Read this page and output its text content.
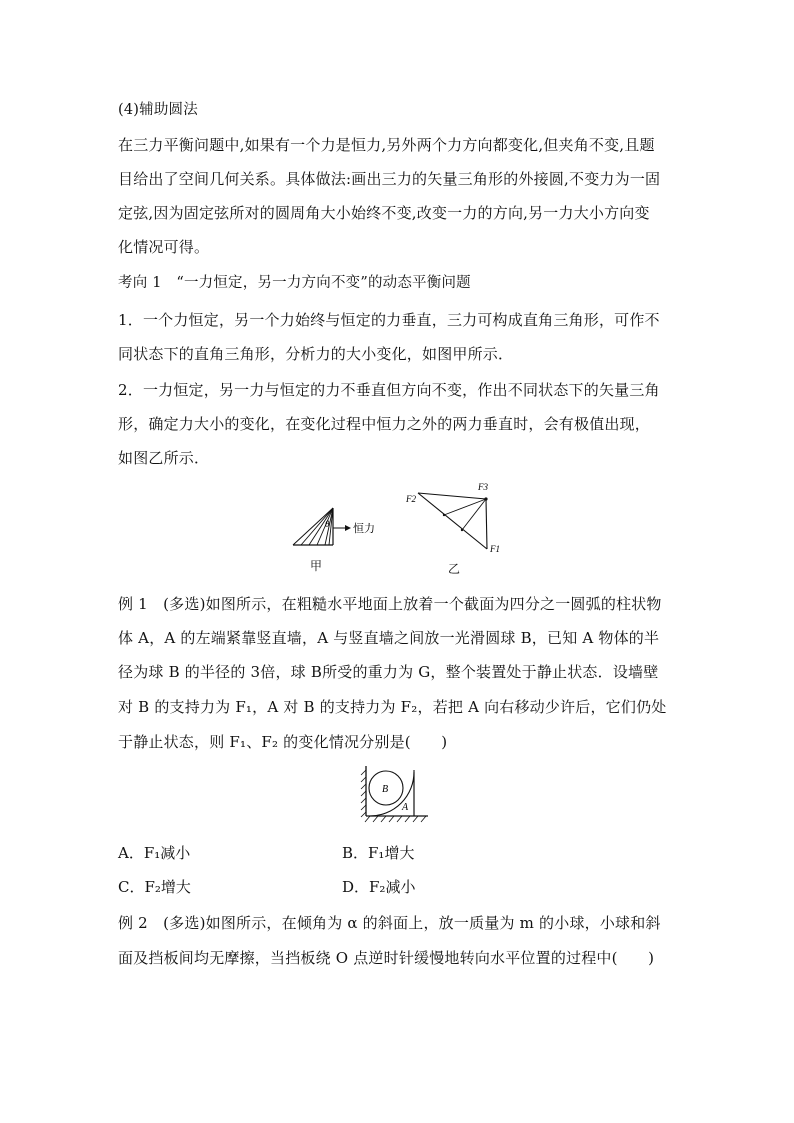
(4)辅助圆法
在三力平衡问题中,如果有一个力是恒力,另外两个力方向都变化,但夹角不变,且题
目给出了空间几何关系。具体做法:画出三力的矢量三角形的外接圆,不变力为一固
定弦,因为固定弦所对的圆周角大小始终不变,改变一力的方向,另一力大小方向变
化情况可得。
考向 1　“一力恒定，另一力方向不变”的动态平衡问题
1．一个力恒定，另一个力始终与恒定的力垂直，三力可构成直角三角形，可作不
同状态下的直角三角形，分析力的大小变化，如图甲所示．
2．一力恒定，另一力与恒定的力不垂直但方向不变，作出不同状态下的矢量三角
形，确定力大小的变化，在变化过程中恒力之外的两力垂直时，会有极值出现，
如图乙所示．
θ 恒力
甲
F3
F2
F1
乙
例 1　(多选)如图所示，在粗糙水平地面上放着一个截面为四分之一圆弧的柱状物
体 A，A 的左端紧靠竖直墙，A 与竖直墙之间放一光滑圆球 B，已知 A 物体的半
径为球 B 的半径的 3倍，球 B所受的重力为 G，整个装置处于静止状态．设墙壁
对 B 的支持力为 F₁，A 对 B 的支持力为 F₂，若把 A 向右移动少许后，它们仍处
于静止状态，则 F₁、F₂ 的变化情况分别是(　　)
B
A
A．F₁减小	B．F₁增大
C．F₂增大	D．F₂减小
例 2　(多选)如图所示，在倾角为 α 的斜面上，放一质量为 m 的小球，小球和斜
面及挡板间均无摩擦，当挡板绕 O 点逆时针缓慢地转向水平位置的过程中(　　)
